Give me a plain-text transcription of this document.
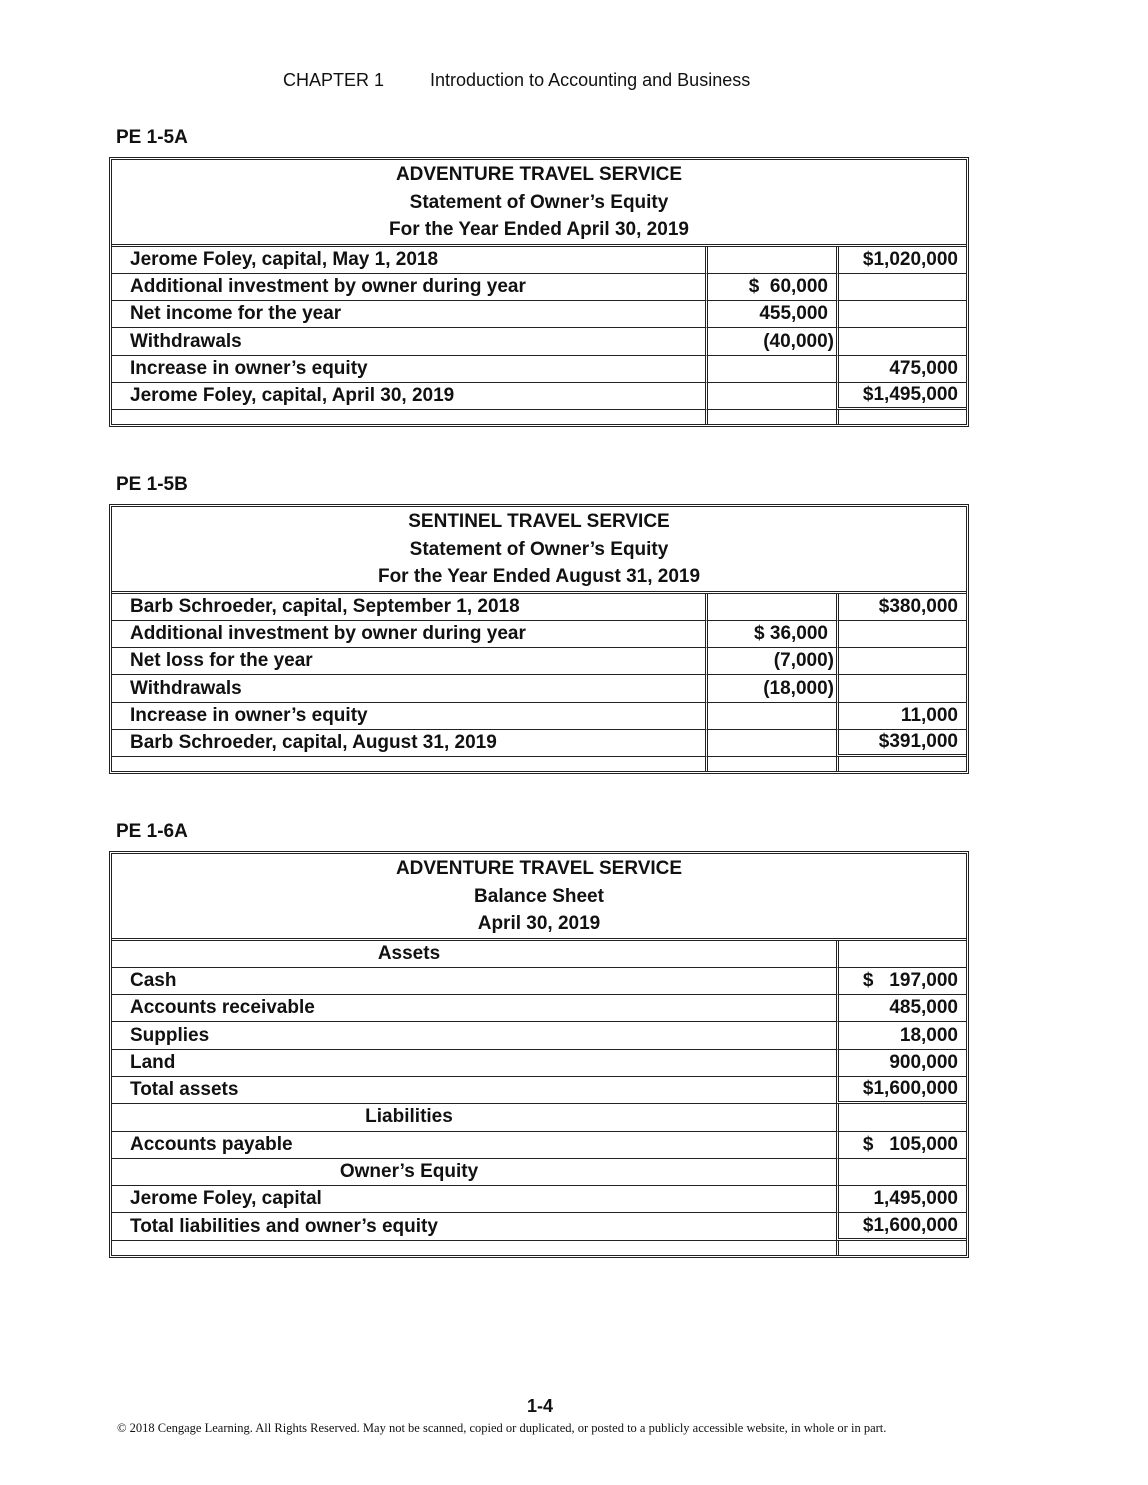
CHAPTER 1	Introduction to Accounting and Business
PE 1-5A
ADVENTURE TRAVEL SERVICE
Statement of Owner’s Equity
For the Year Ended April 30, 2019
Jerome Foley, capital, May 1, 2018		$1,020,000
Additional investment by owner during year	$  60,000	
Net income for the year	455,000	
Withdrawals	(40,000)	
Increase in owner’s equity		475,000
Jerome Foley, capital, April 30, 2019		$1,495,000

PE 1-5B
SENTINEL TRAVEL SERVICE
Statement of Owner’s Equity
For the Year Ended August 31, 2019
Barb Schroeder, capital, September 1, 2018		$380,000
Additional investment by owner during year	$ 36,000	
Net loss for the year	(7,000)	
Withdrawals	(18,000)	
Increase in owner’s equity		11,000
Barb Schroeder, capital, August 31, 2019		$391,000

PE 1-6A
ADVENTURE TRAVEL SERVICE
Balance Sheet
April 30, 2019
Assets	
Cash	$   197,000
Accounts receivable	485,000
Supplies	18,000
Land	900,000
Total assets	$1,600,000
Liabilities	
Accounts payable	$   105,000
Owner’s Equity	
Jerome Foley, capital	1,495,000
Total liabilities and owner’s equity	$1,600,000

1-4
© 2018 Cengage Learning. All Rights Reserved. May not be scanned, copied or duplicated, or posted to a publicly accessible website, in whole or in part.
